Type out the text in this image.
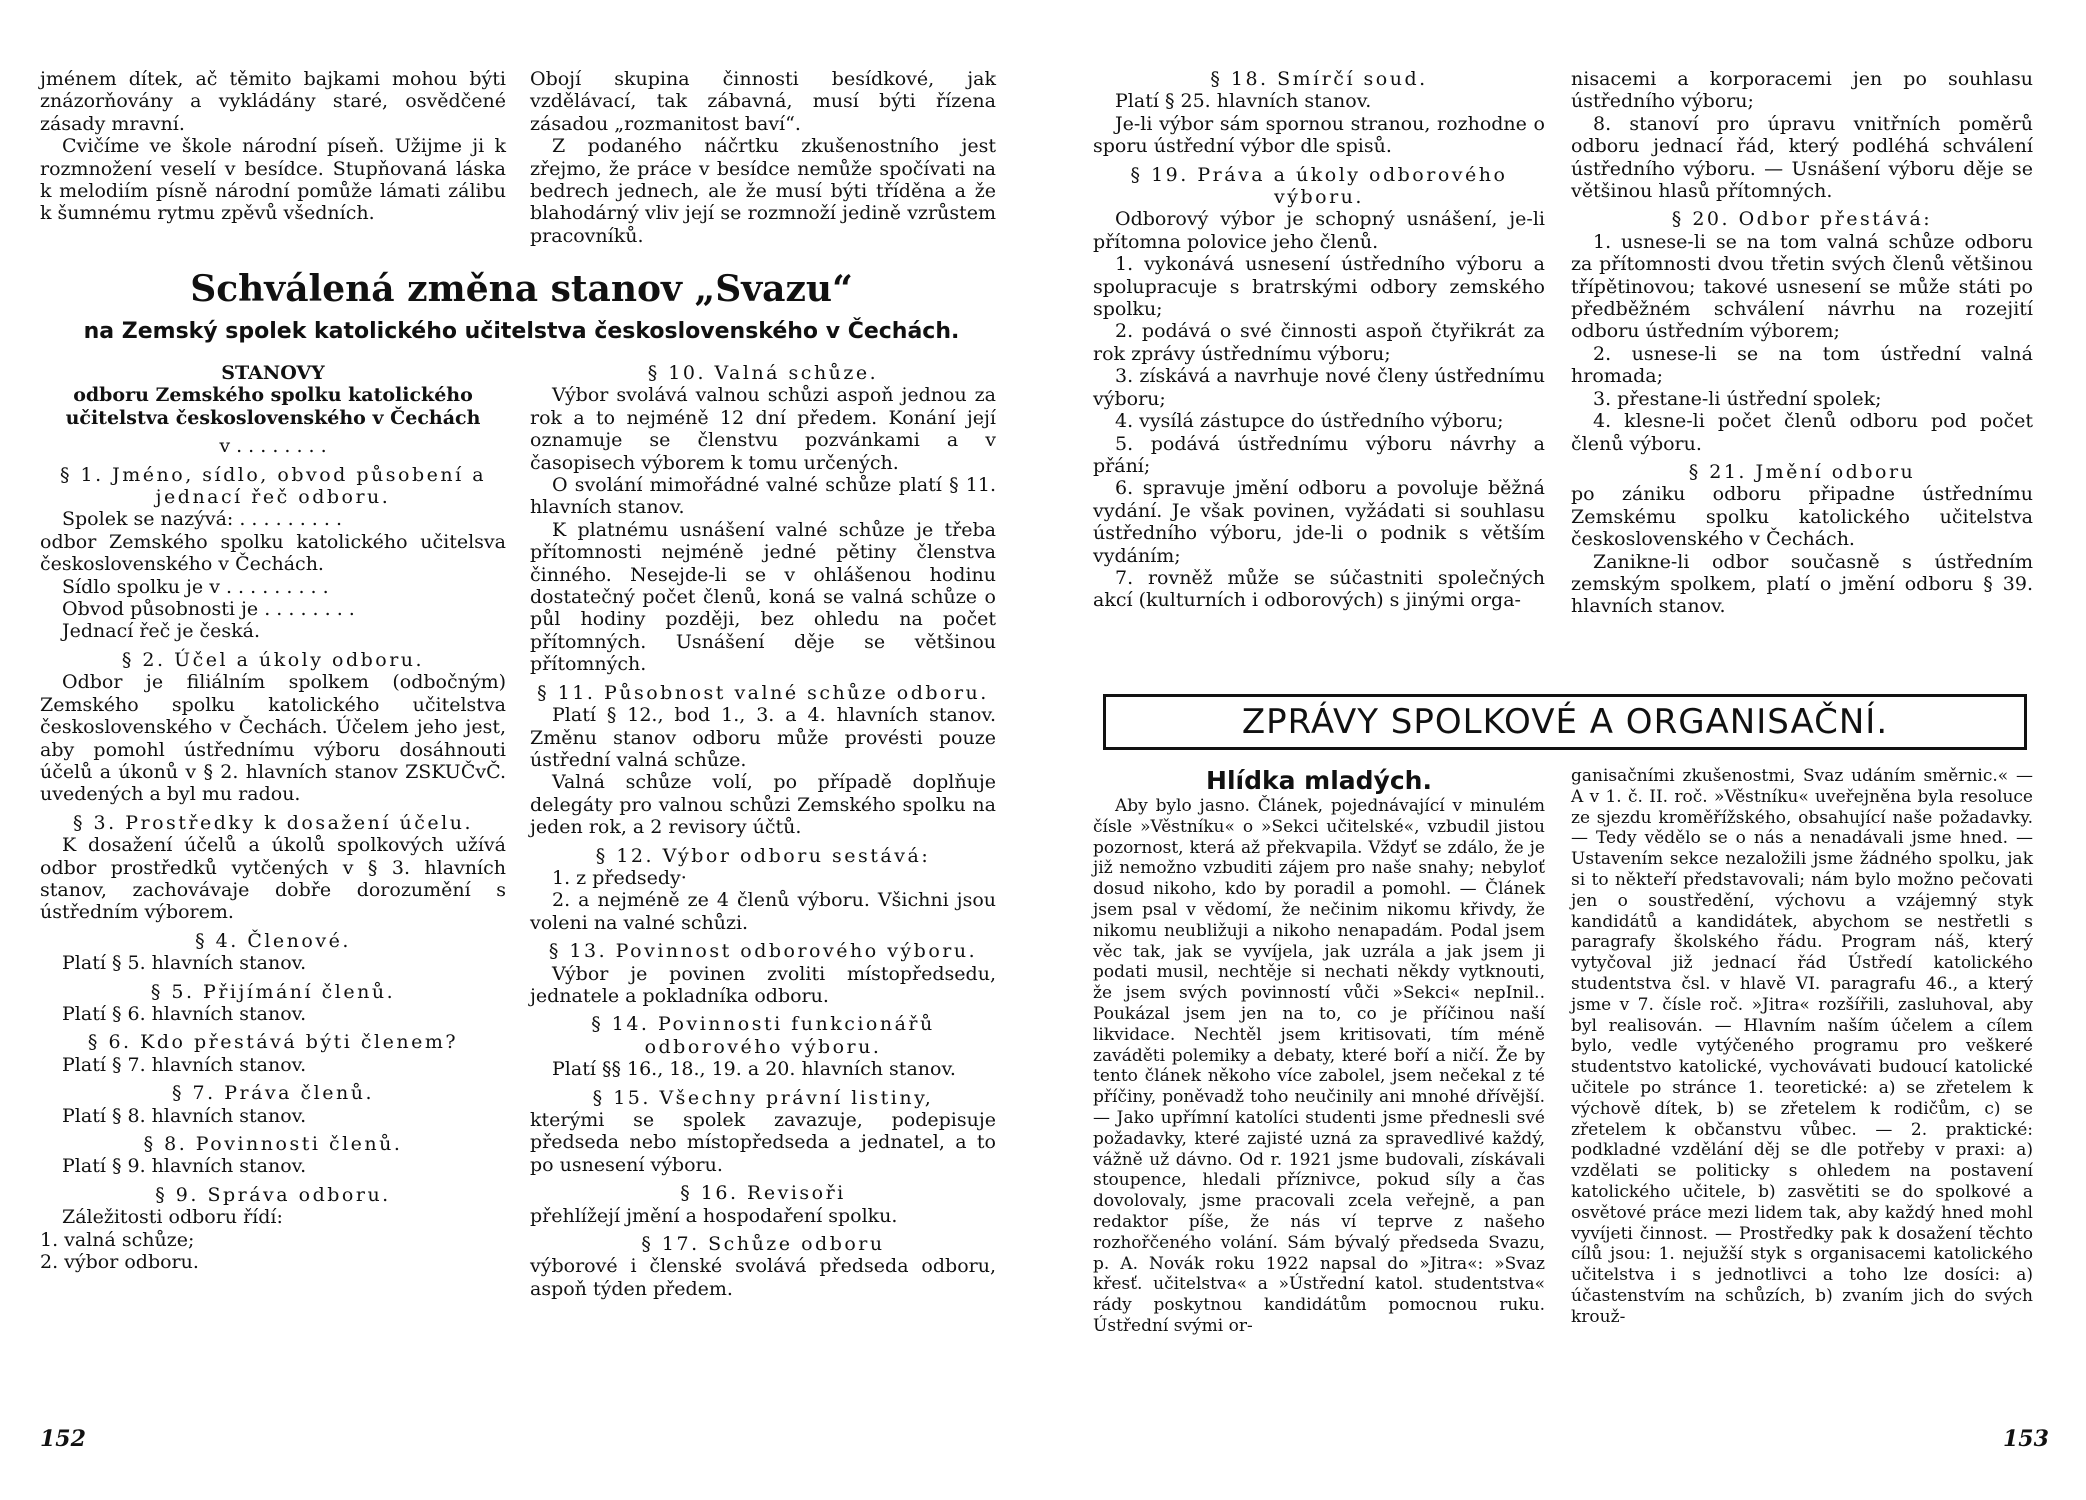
jménem dítek, ač těmito bajkami mohou býti znázorňovány a vykládány staré, osvědčené zásady mravní.

Cvičíme ve škole národní píseň. Užijme ji k rozmnožení veselí v besídce. Stupňovaná láska k melodiím písně národní pomůže lámati zálibu k šumnému rytmu zpěvů všedních.

Obojí skupina činnosti besídkové, jak vzdělávací, tak zábavná, musí býti řízena zásadou „rozmanitost baví“.

Z podaného náčrtku zkušenostního jest zřejmo, že práce v besídce nemůže spočívati na bedrech jednech, ale že musí býti tříděna a že blahodárný vliv její se rozmnoží jedině vzrůstem pracovníků.

Schválená změna stanov „Svazu“
na Zemský spolek katolického učitelstva československého v Čechách.

STANOVY

odboru Zemského spolku katolického učitelstva československého v Čechách

v . . . . . . . .

§ 1. Jméno, sídlo, obvod působení a jednací řeč odboru.

Spolek se nazývá: . . . . . . . . .

odbor Zemského spolku katolického učitelsva československého v Čechách.

Sídlo spolku je v . . . . . . . . .

Obvod působnosti je . . . . . . . .

Jednací řeč je česká.

§ 2. Účel a úkoly odboru.

Odbor je filiálním spolkem (odbočným) Zemského spolku katolického učitelstva československého v Čechách. Účelem jeho jest, aby pomohl ústřednímu výboru dosáhnouti účelů a úkonů v § 2. hlavních stanov ZSKUČvČ. uvedených a byl mu radou.

§ 3. Prostředky k dosažení účelu.

K dosažení účelů a úkolů spolkových užívá odbor prostředků vytčených v § 3. hlavních stanov, zachovávaje dobře dorozumění s ústředním výborem.

§ 4. Členové.

Platí § 5. hlavních stanov.

§ 5. Přijímání členů.

Platí § 6. hlavních stanov.

§ 6. Kdo přestává býti členem?

Platí § 7. hlavních stanov.

§ 7. Práva členů.

Platí § 8. hlavních stanov.

§ 8. Povinnosti členů.

Platí § 9. hlavních stanov.

§ 9. Správa odboru.

Záležitosti odboru řídí:

1. valná schůze;

2. výbor odboru.

§ 10. Valná schůze.

Výbor svolává valnou schůzi aspoň jednou za rok a to nejméně 12 dní předem. Konání její oznamuje se členstvu pozvánkami a v časopisech výborem k tomu určených.

O svolání mimořádné valné schůze platí § 11. hlavních stanov.

K platnému usnášení valné schůze je třeba přítomnosti nejméně jedné pětiny členstva činného. Nesejde-li se v ohlášenou hodinu dostatečný počet členů, koná se valná schůze o půl hodiny později, bez ohledu na počet přítomných. Usnášení děje se většinou přítomných.

§ 11. Působnost valné schůze odboru.

Platí § 12., bod 1., 3. a 4. hlavních stanov. Změnu stanov odboru může provésti pouze ústřední valná schůze.

Valná schůze volí, po případě doplňuje delegáty pro valnou schůzi Zemského spolku na jeden rok, a 2 revisory účtů.

§ 12. Výbor odboru sestává:

1. z předsedy·

2. a nejméně ze 4 členů výboru. Všichni jsou voleni na valné schůzi.

§ 13. Povinnost odborového výboru.

Výbor je povinen zvoliti místopředsedu, jednatele a pokladníka odboru.

§ 14. Povinnosti funkcionářů odborového výboru.

Platí §§ 16., 18., 19. a 20. hlavních stanov.

§ 15. Všechny právní listiny,

kterými se spolek zavazuje, podepisuje předseda nebo místopředseda a jednatel, a to po usnesení výboru.

§ 16. Revisoři

přehlížejí jmění a hospodaření spolku.

§ 17. Schůze odboru

výborové i členské svolává předseda odboru, aspoň týden předem.

152

§ 18. Smírčí soud.

Platí § 25. hlavních stanov.

Je-li výbor sám spornou stranou, rozhodne o sporu ústřední výbor dle spisů.

§ 19. Práva a úkoly odborového výboru.

Odborový výbor je schopný usnášení, je-li přítomna polovice jeho členů.

1. vykonává usnesení ústředního výboru a spolupracuje s bratrskými odbory zemského spolku;

2. podává o své činnosti aspoň čtyřikrát za rok zprávy ústřednímu výboru;

3. získává a navrhuje nové členy ústřednímu výboru;

4. vysílá zástupce do ústředního výboru;

5. podává ústřednímu výboru návrhy a přání;

6. spravuje jmění odboru a povoluje běžná vydání. Je však povinen, vyžádati si souhlasu ústředního výboru, jde-li o podnik s větším vydáním;

7. rovněž může se súčastniti společných akcí (kulturních i odborových) s jinými orga-

nisacemi a korporacemi jen po souhlasu ústředního výboru;

8. stanoví pro úpravu vnitřních poměrů odboru jednací řád, který podléhá schválení ústředního výboru. — Usnášení výboru děje se většinou hlasů přítomných.

§ 20. Odbor přestává:

1. usnese-li se na tom valná schůze odboru za přítomnosti dvou třetin svých členů většinou třípětinovou; takové usnesení se může státi po předběžném schválení návrhu na rozejití odboru ústředním výborem;

2. usnese-li se na tom ústřední valná hromada;

3. přestane-li ústřední spolek;

4. klesne-li počet členů odboru pod počet členů výboru.

§ 21. Jmění odboru

po zániku odboru připadne ústřednímu Zemskému spolku katolického učitelstva československého v Čechách.

Zanikne-li odbor současně s ústředním zemským spolkem, platí o jmění odboru § 39. hlavních stanov.

ZPRÁVY SPOLKOVÉ A ORGANISAČNÍ.

Hlídka mladých.

Aby bylo jasno. Článek, pojednávající v minulém čísle »Věstníku« o »Sekci učitelské«, vzbudil jistou pozornost, která až překvapila. Vždyť se zdálo, že je již nemožno vzbuditi zájem pro naše snahy; nebyloť dosud nikoho, kdo by poradil a pomohl. — Článek jsem psal v vědomí, že nečinim nikomu křivdy, že nikomu neubližuji a nikoho nenapadám. Podal jsem věc tak, jak se vyvíjela, jak uzrála a jak jsem ji podati musil, nechtěje si nechati někdy vytknouti, že jsem svých povinností vůči »Sekci« nepInil.. Poukázal jsem jen na to, co je příčinou naší likvidace. Nechtěl jsem kritisovati, tím méně zaváděti polemiky a debaty, které boří a ničí. Že by tento článek někoho více zabolel, jsem nečekal z té příčiny, poněvadž toho neučinily ani mnohé dřívější. — Jako upřímní katolíci studenti jsme přednesli své požadavky, které zajisté uzná za spravedlivé každý, vážně už dávno. Od r. 1921 jsme budovali, získávali stoupence, hledali příznivce, pokud síly a čas dovolovaly, jsme pracovali zcela veřejně, a pan redaktor píše, že nás ví teprve z našeho rozhořčeného volání. Sám bývalý předseda Svazu, p. A. Novák roku 1922 napsal do »Jitra«: »Svaz křesť. učitelstva« a »Ústřední katol. studentstva« rády poskytnou kandidátům pomocnou ruku. Ústřední svými or-

ganisačními zkušenostmi, Svaz udáním směrnic.« — A v 1. č. II. roč. »Věstníku« uveřejněna byla resoluce ze sjezdu kroměřížského, obsahující naše požadavky. — Tedy vědělo se o nás a nenadávali jsme hned. — Ustavením sekce nezaložili jsme žádného spolku, jak si to někteří představovali; nám bylo možno pečovati jen o soustředění, výchovu a vzájemný styk kandidátů a kandidátek, abychom se nestřetli s paragrafy školského řádu. Program náš, který vytyčoval již jednací řád Ústředí katolického studentstva čsl. v hlavě VI. paragrafu 46., a který jsme v 7. čísle roč. »Jitra« rozšířili, zasluhoval, aby byl realisován. — Hlavním naším účelem a cílem bylo, vedle vytýčeného programu pro veškeré studentstvo katolické, vychovávati budoucí katolické učitele po stránce 1. teoretické: a) se zřetelem k výchově dítek, b) se zřetelem k rodičům, c) se zřetelem k občanstvu vůbec. — 2. praktické: podkladné vzdělání děj se dle potřeby v praxi: a) vzdělati se politicky s ohledem na postavení katolického učitele, b) zasvětiti se do spolkové a osvětové práce mezi lidem tak, aby každý hned mohl vyvíjeti činnost. — Prostředky pak k dosažení těchto cílů jsou: 1. nejužší styk s organisacemi katolického učitelstva i s jednotlivci a toho lze dosíci: a) účastenstvím na schůzích, b) zvaním jich do svých krouž-

153
